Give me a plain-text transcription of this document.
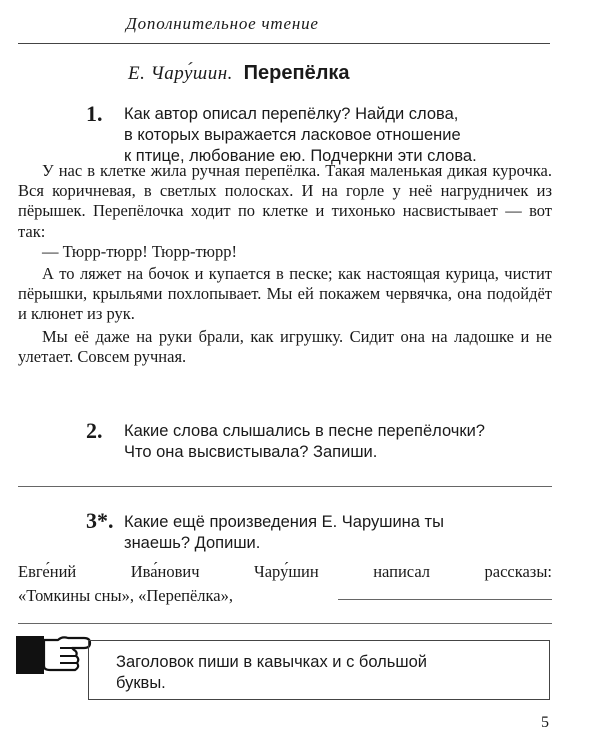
Дополнительное чтение
Е. Чару́шин. Перепёлка
1. Как автор описал перепёлку? Найди слова,
в которых выражается ласковое отношение
к птице, любование ею. Подчеркни эти слова.

У нас в клетке жила ручная перепёлка. Такая маленькая дикая курочка. Вся коричневая, в светлых полосках. И на горле у неё нагрудничек из пёрышек. Перепёлочка ходит по клетке и тихонько насвистывает — вот так:

— Тюрр-тюрр! Тюрр-тюрр!

А то ляжет на бочок и купается в песке; как настоящая курица, чистит пёрышки, крыльями похлопывает. Мы ей покажем червячка, она подойдёт и клюнет из рук.

Мы её даже на руки брали, как игрушку. Сидит она на ладошке и не улетает. Совсем ручная.

2. Какие слова слышались в песне перепёлочки?
Что она высвистывала? Запиши.
3*. Какие ещё произведения Е. Чарушина ты
знаешь? Допиши.
Евге́ний Ива́нович Чару́шин написал рассказы:
«Томкины сны», «Перепёлка»,
Заголовок пиши в кавычках и с большой
буквы.
5
